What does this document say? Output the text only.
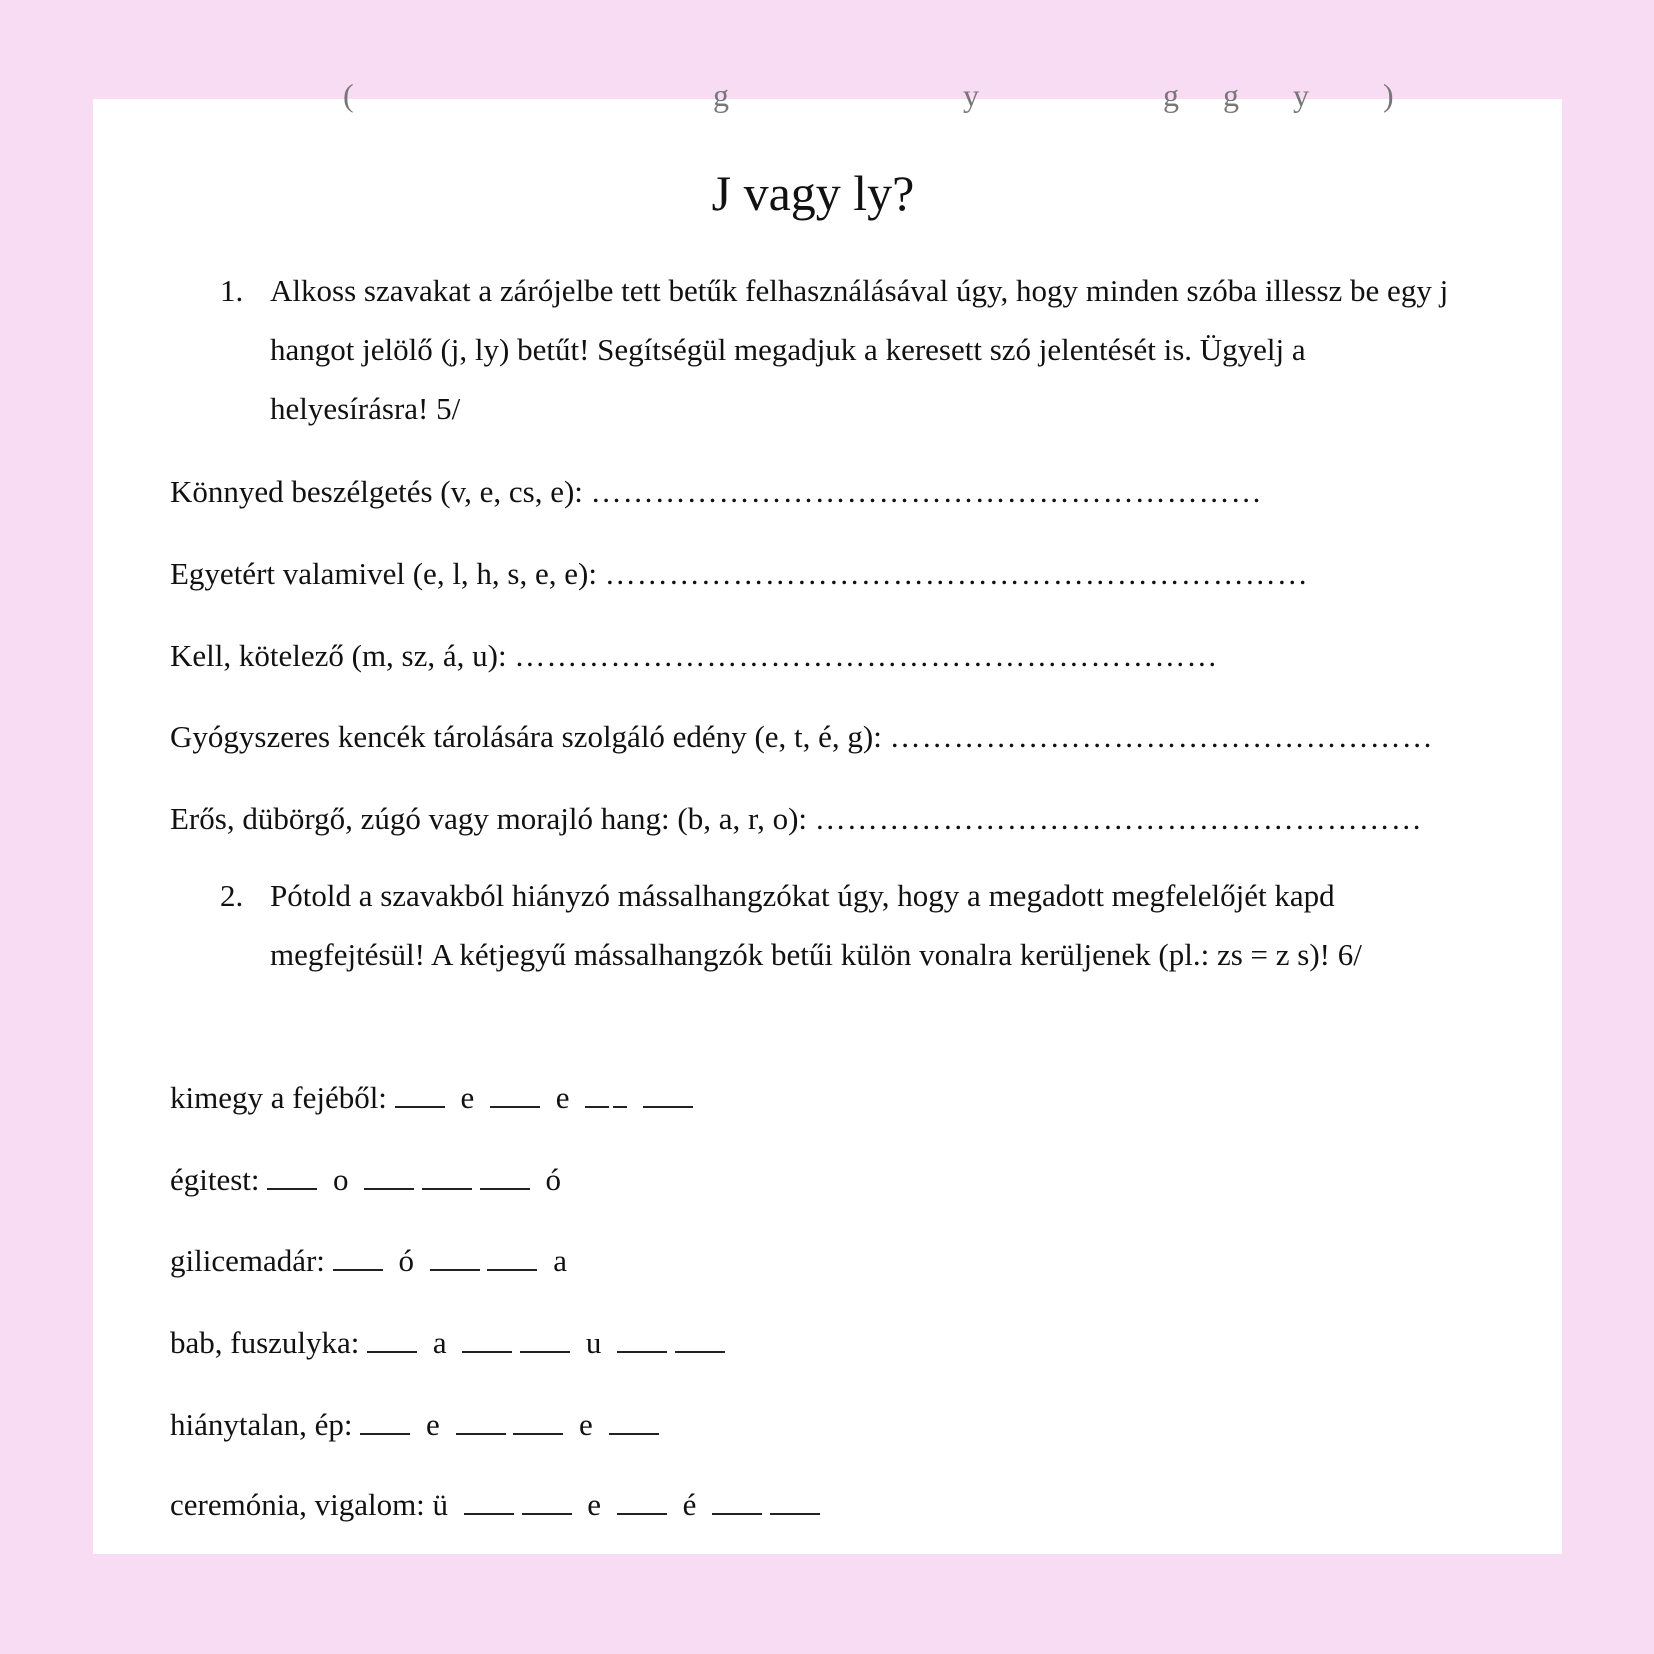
(	g	y	g g y )
J vagy ly?
1. Alkoss szavakat a zárójelbe tett betűk felhasználásával úgy, hogy minden szóba illessz be egy j hangot jelölő (j, ly) betűt! Segítségül megadjuk a keresett szó jelentését is. Ügyelj a helyesírásra! 5/
Könnyed beszélgetés (v, e, cs, e): ………………………………………………………
Egyetért valamivel (e, l, h, s, e, e): …………………………………………………………
Kell, kötelező (m, sz, á, u): …………………………………………………………
Gyógyszeres kencék tárolására szolgáló edény (e, t, é, g): ……………………………………………
Erős, dübörgő, zúgó vagy morajló hang: (b, a, r, o): …………………………………………………
2. Pótold a szavakból hiányzó mássalhangzókat úgy, hogy a megadott megfelelőjét kapd megfejtésül! A kétjegyű mássalhangzók betűi külön vonalra kerüljenek (pl.: zs = z s)! 6/
kimegy a fejéből: e	e
égitest: o	ó
gilicemadár: ó	a
bab, fuszulyka: a	u
hiánytalan, ép: e	e
ceremónia, vigalom: ü	e	é
